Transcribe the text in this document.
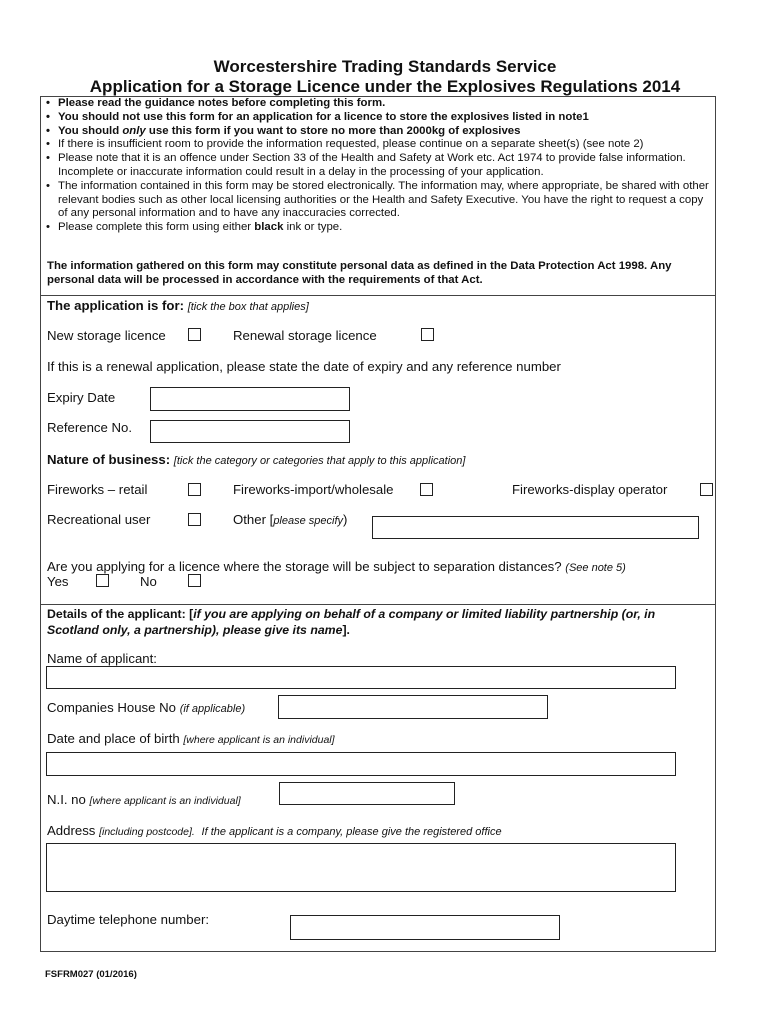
Worcestershire Trading Standards Service
Application for a Storage Licence under the Explosives Regulations 2014
• Please read the guidance notes before completing this form.
• You should not use this form for an application for a licence to store the explosives listed in note1
• You should only use this form if you want to store no more than 2000kg of explosives
• If there is insufficient room to provide the information requested, please continue on a separate sheet(s) (see note 2)
• Please note that it is an offence under Section 33 of the Health and Safety at Work etc. Act 1974 to provide false information. Incomplete or inaccurate information could result in a delay in the processing of your application.
• The information contained in this form may be stored electronically. The information may, where appropriate, be shared with other relevant bodies such as other local licensing authorities or the Health and Safety Executive. You have the right to request a copy of any personal information and to have any inaccuracies corrected.
• Please complete this form using either black ink or type.
The information gathered on this form may constitute personal data as defined in the Data Protection Act 1998. Any personal data will be processed in accordance with the requirements of that Act.
The application is for: [tick the box that applies]
New storage licence	Renewal storage licence
If this is a renewal application, please state the date of expiry and any reference number
Expiry Date
Reference No.
Nature of business: [tick the category or categories that apply to this application]
Fireworks – retail	Fireworks-import/wholesale	Fireworks-display operator
Recreational user	Other [please specify)
Are you applying for a licence where the storage will be subject to separation distances? (See note 5)
Yes	No
Details of the applicant: [if you are applying on behalf of a company or limited liability partnership (or, in Scotland only, a partnership), please give its name].
Name of applicant:
Companies House No (if applicable)
Date and place of birth [where applicant is an individual]
N.I. no [where applicant is an individual]
Address [including postcode]. If the applicant is a company, please give the registered office
Daytime telephone number:
FSFRM027 (01/2016)
